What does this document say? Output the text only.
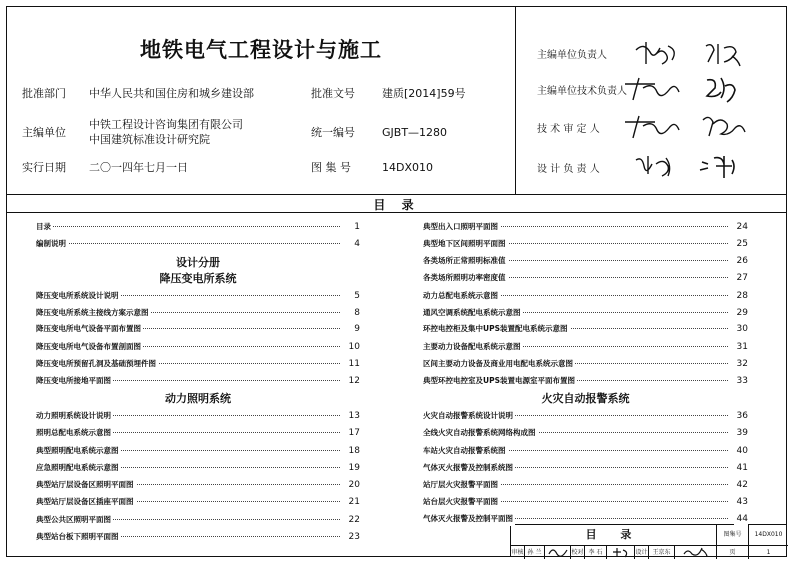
地铁电气工程设计与施工
批准部门 中华人民共和国住房和城乡建设部	批准文号 建质[2014]59号
主编单位
中铁工程设计咨询集团有限公司
中国建筑标准设计研究院
统一编号 GJBT—1280
实行日期 二〇一四年七月一日	图 集 号	14DX010
主编单位负责人
主编单位技术负责人
技 术 审 定 人
设 计 负 责 人
目 录
目录	1
编制说明	4
设计分册
降压变电所系统
降压变电所系统设计说明	5
降压变电所系统主接线方案示意图	8
降压变电所电气设备平面布置图	9
降压变电所电气设备布置剖面图	10
降压变电所预留孔洞及基础预埋件图	11
降压变电所接地平面图	12
动力照明系统
动力照明系统设计说明	13
照明总配电系统示意图	17
典型照明配电系统示意图	18
应急照明配电系统示意图	19
典型站厅层设备区照明平面图	20
典型站厅层设备区插座平面图	21
典型公共区照明平面图	22
典型站台板下照明平面图	23
典型出入口照明平面图	24
典型地下区间照明平面图	25
各类场所正常照明标准值	26
各类场所照明功率密度值	27
动力总配电系统示意图	28
通风空调系统配电系统示意图	29
环控电控柜及集中UPS装置配电系统示意图	30
主要动力设备配电系统示意图	31
区间主要动力设备及商业用电配电系统示意图	32
典型环控电控室及UPS装置电源室平面布置图	33
火灾自动报警系统
火灾自动报警系统设计说明	36
全线火灾自动报警系统网络构成图	39
车站火灾自动报警系统图	40
气体灭火报警及控制系统图	41
站厅层火灾报警平面图	42
站台层火灾报警平面图	43
气体灭火报警及控制平面图	44
目 录	图集号	14DX010
审核 孙 兰	校对 李 石	设计 王京东	页	1
